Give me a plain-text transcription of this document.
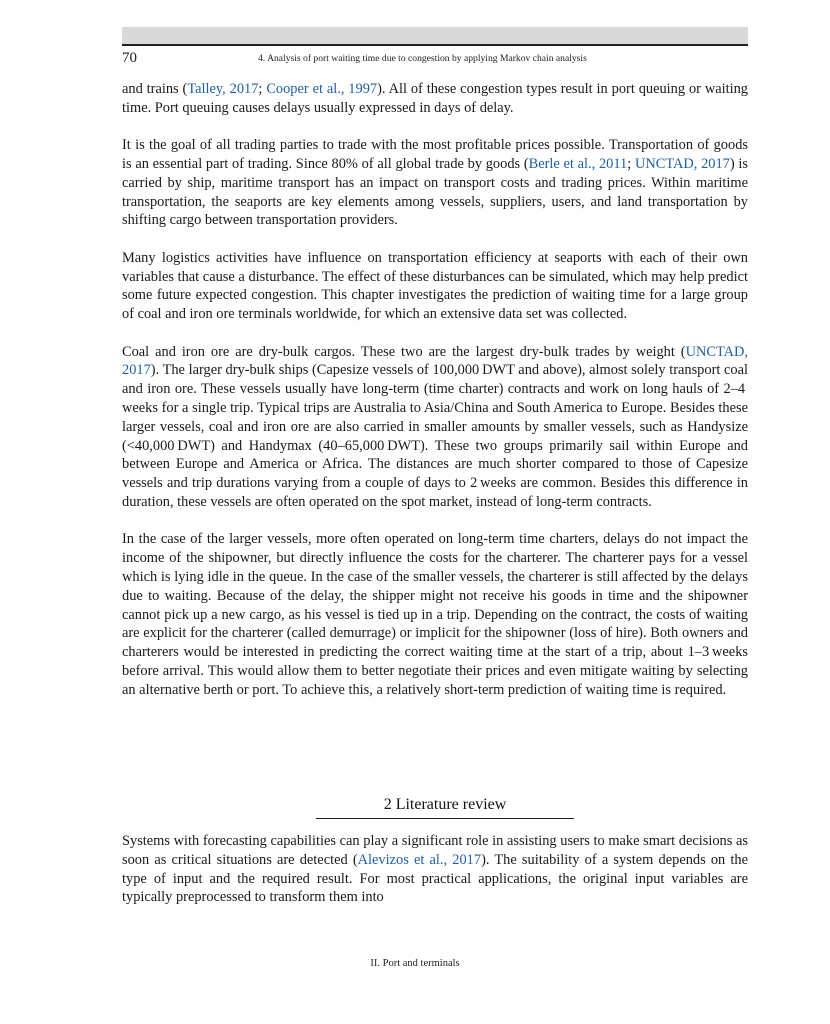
70	4. Analysis of port waiting time due to congestion by applying Markov chain analysis

and trains (Talley, 2017; Cooper et al., 1997). All of these congestion types result in port queuing or waiting time. Port queuing causes delays usually expressed in days of delay.

It is the goal of all trading parties to trade with the most profitable prices possible. Transportation of goods is an essential part of trading. Since 80% of all global trade by goods (Berle et al., 2011; UNCTAD, 2017) is carried by ship, maritime transport has an impact on transport costs and trading prices. Within maritime transportation, the seaports are key elements among vessels, suppliers, users, and land transportation by shifting cargo between transportation providers.

Many logistics activities have influence on transportation efficiency at seaports with each of their own variables that cause a disturbance. The effect of these disturbances can be simulated, which may help predict some future expected congestion. This chapter investigates the prediction of waiting time for a large group of coal and iron ore terminals worldwide, for which an extensive data set was collected.

Coal and iron ore are dry-bulk cargos. These two are the largest dry-bulk trades by weight (UNCTAD, 2017). The larger dry-bulk ships (Capesize vessels of 100,000 DWT and above), almost solely transport coal and iron ore. These vessels usually have long-term (time charter) contracts and work on long hauls of 2–4 weeks for a single trip. Typical trips are Australia to Asia/China and South America to Europe. Besides these larger vessels, coal and iron ore are also carried in smaller amounts by smaller vessels, such as Handysize (<40,000 DWT) and Handymax (40–65,000 DWT). These two groups primarily sail within Europe and between Europe and America or Africa. The distances are much shorter compared to those of Capesize vessels and trip durations varying from a couple of days to 2 weeks are common. Besides this difference in duration, these vessels are often operated on the spot market, instead of long-term contracts.

In the case of the larger vessels, more often operated on long-term time charters, delays do not impact the income of the shipowner, but directly influence the costs for the charterer. The charterer pays for a vessel which is lying idle in the queue. In the case of the smaller vessels, the charterer is still affected by the delays due to waiting. Because of the delay, the shipper might not receive his goods in time and the shipowner cannot pick up a new cargo, as his vessel is tied up in a trip. Depending on the contract, the costs of waiting are explicit for the charterer (called demurrage) or implicit for the shipowner (loss of hire). Both owners and charterers would be interested in predicting the correct waiting time at the start of a trip, about 1–3 weeks before arrival. This would allow them to better negotiate their prices and even mitigate waiting by selecting an alternative berth or port. To achieve this, a relatively short-term prediction of waiting time is required.

2 Literature review

Systems with forecasting capabilities can play a significant role in assisting users to make smart decisions as soon as critical situations are detected (Alevizos et al., 2017). The suitability of a system depends on the type of input and the required result. For most practical applications, the original input variables are typically preprocessed to transform them into

II. Port and terminals
